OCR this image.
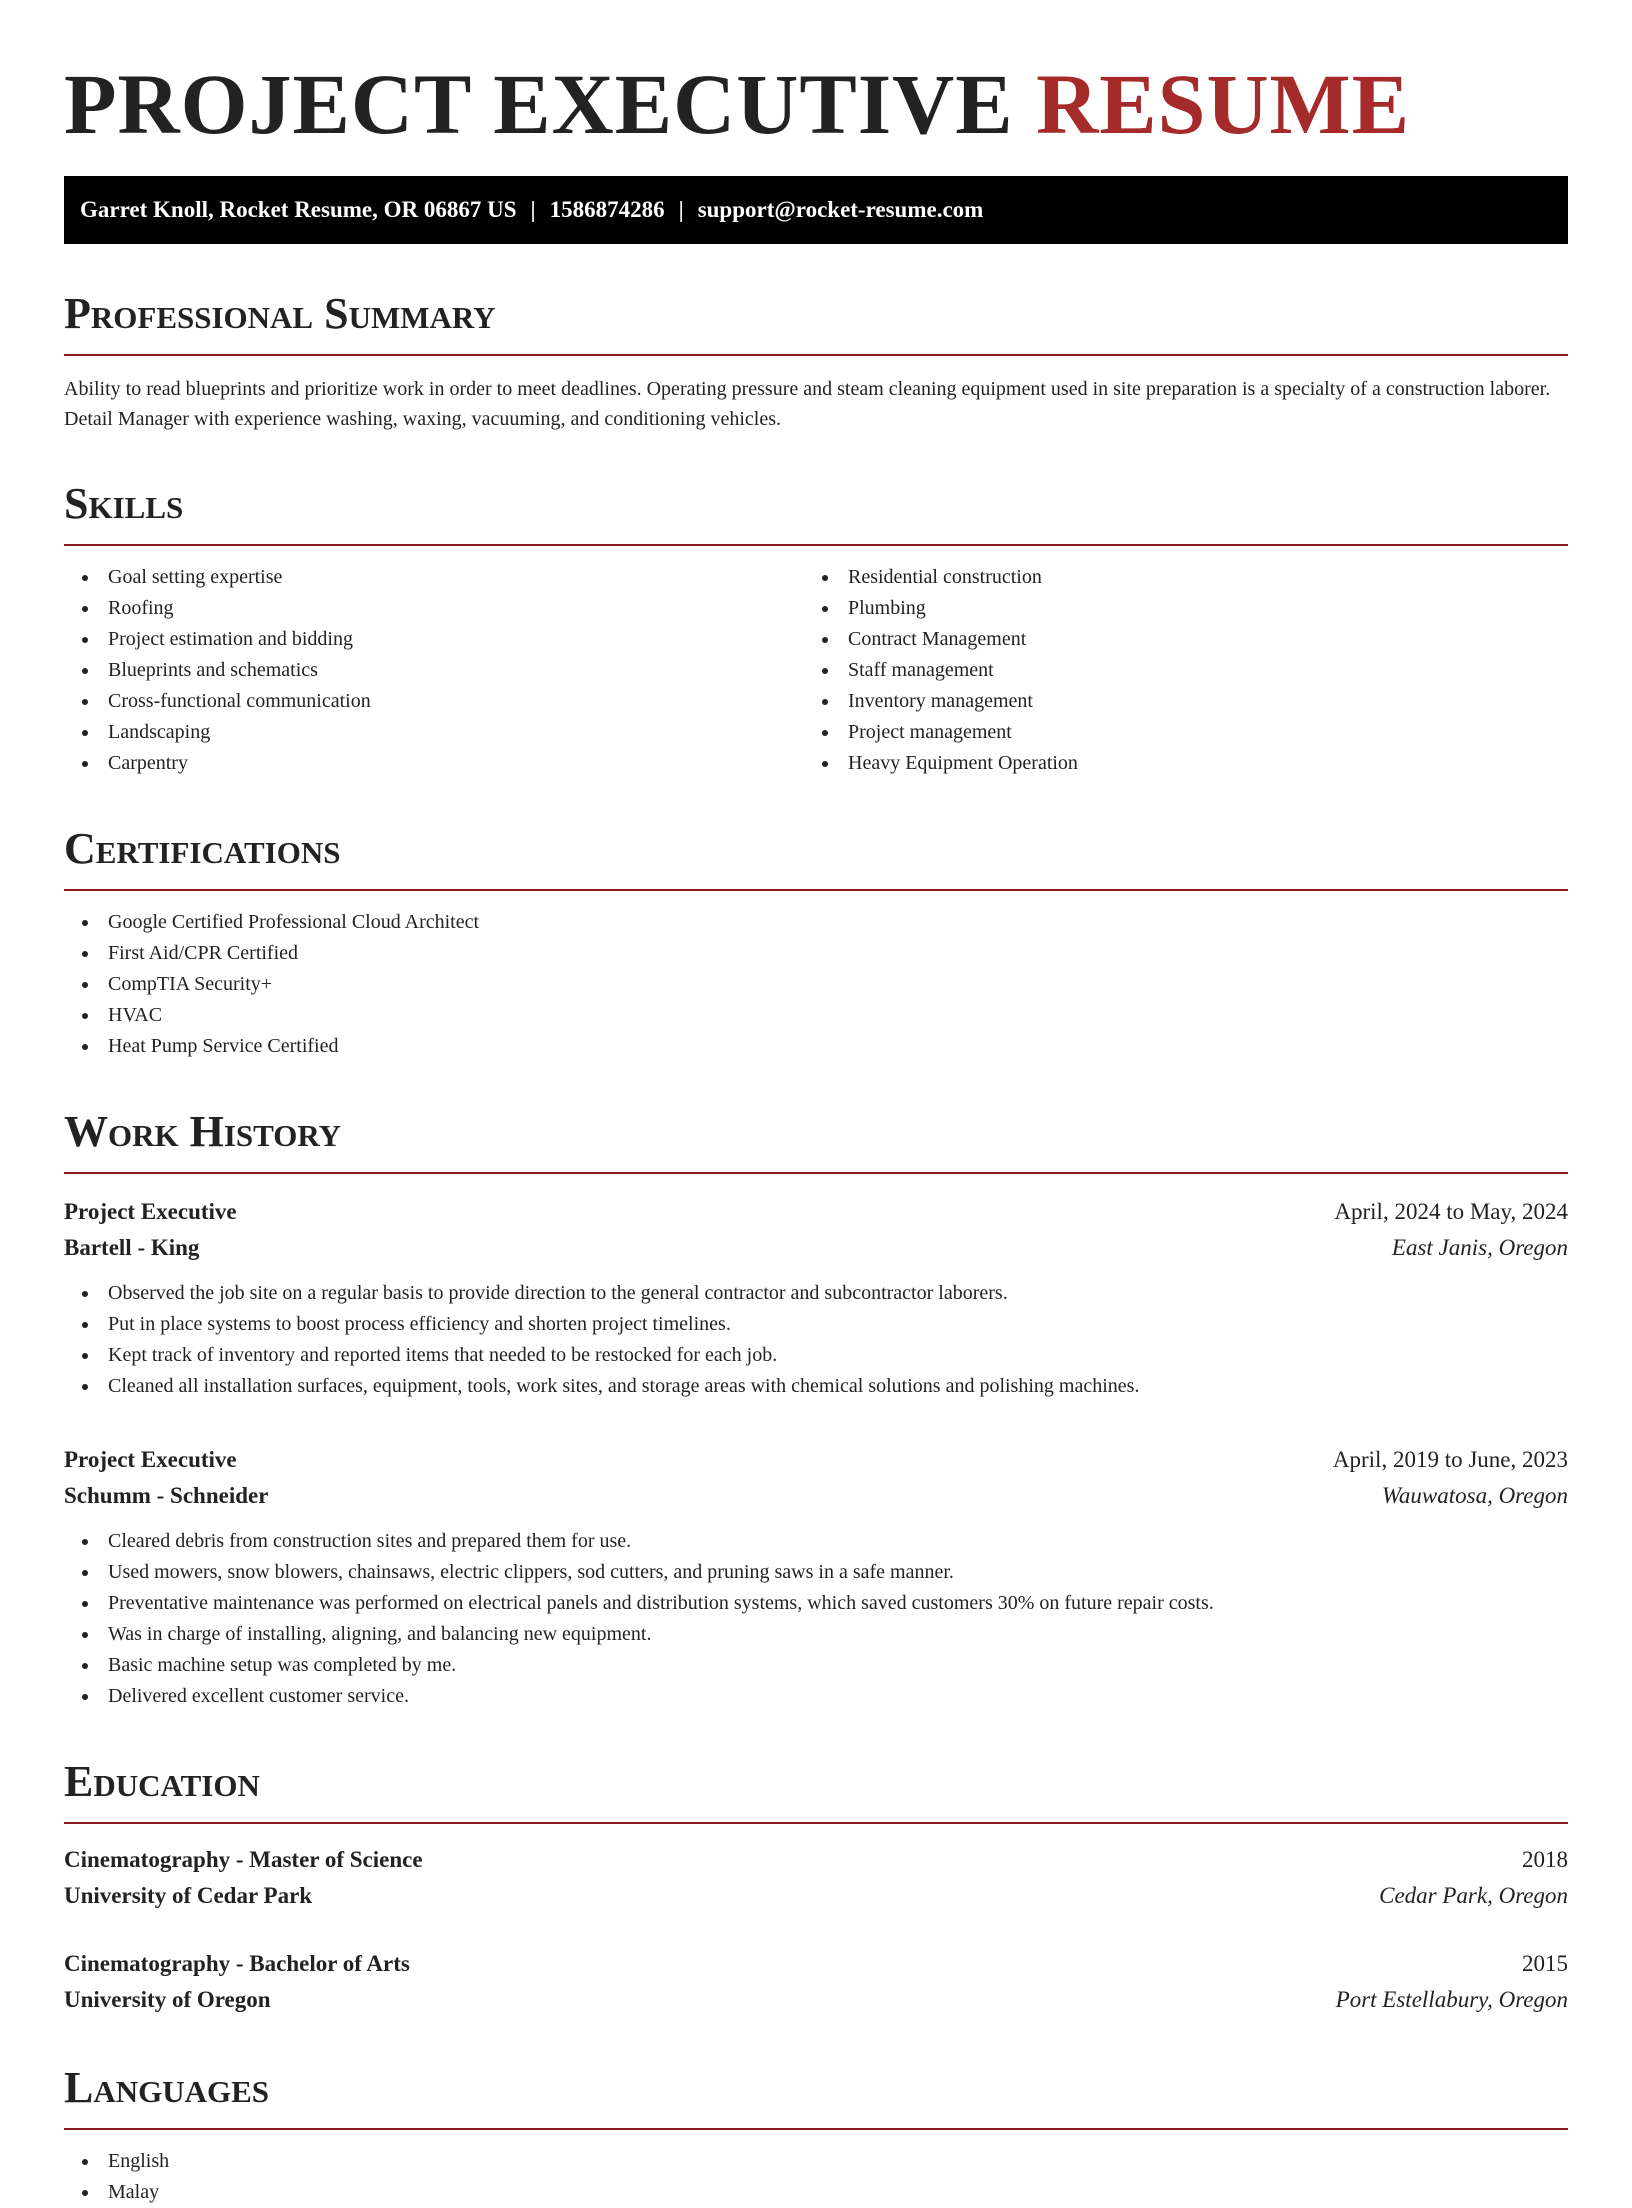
PROJECT EXECUTIVE RESUME
Garret Knoll, Rocket Resume, OR 06867 US | 1586874286 | support@rocket-resume.com
Professional Summary

Ability to read blueprints and prioritize work in order to meet deadlines. Operating pressure and steam cleaning equipment used in site preparation is a specialty of a construction laborer. Detail Manager with experience washing, waxing, vacuuming, and conditioning vehicles.

Skills
Goal setting expertise
Roofing
Project estimation and bidding
Blueprints and schematics
Cross-functional communication
Landscaping
Carpentry
Residential construction
Plumbing
Contract Management
Staff management
Inventory management
Project management
Heavy Equipment Operation
Certifications
Google Certified Professional Cloud Architect
First Aid/CPR Certified
CompTIA Security+
HVAC
Heat Pump Service Certified
Work History
Project Executive	April, 2024 to May, 2024
Bartell - King	East Janis, Oregon
Observed the job site on a regular basis to provide direction to the general contractor and subcontractor laborers.
Put in place systems to boost process efficiency and shorten project timelines.
Kept track of inventory and reported items that needed to be restocked for each job.
Cleaned all installation surfaces, equipment, tools, work sites, and storage areas with chemical solutions and polishing machines.
Project Executive	April, 2019 to June, 2023
Schumm - Schneider	Wauwatosa, Oregon
Cleared debris from construction sites and prepared them for use.
Used mowers, snow blowers, chainsaws, electric clippers, sod cutters, and pruning saws in a safe manner.
Preventative maintenance was performed on electrical panels and distribution systems, which saved customers 30% on future repair costs.
Was in charge of installing, aligning, and balancing new equipment.
Basic machine setup was completed by me.
Delivered excellent customer service.
Education
Cinematography - Master of Science	2018
University of Cedar Park	Cedar Park, Oregon
Cinematography - Bachelor of Arts	2015
University of Oregon	Port Estellabury, Oregon
Languages
English
Malay
